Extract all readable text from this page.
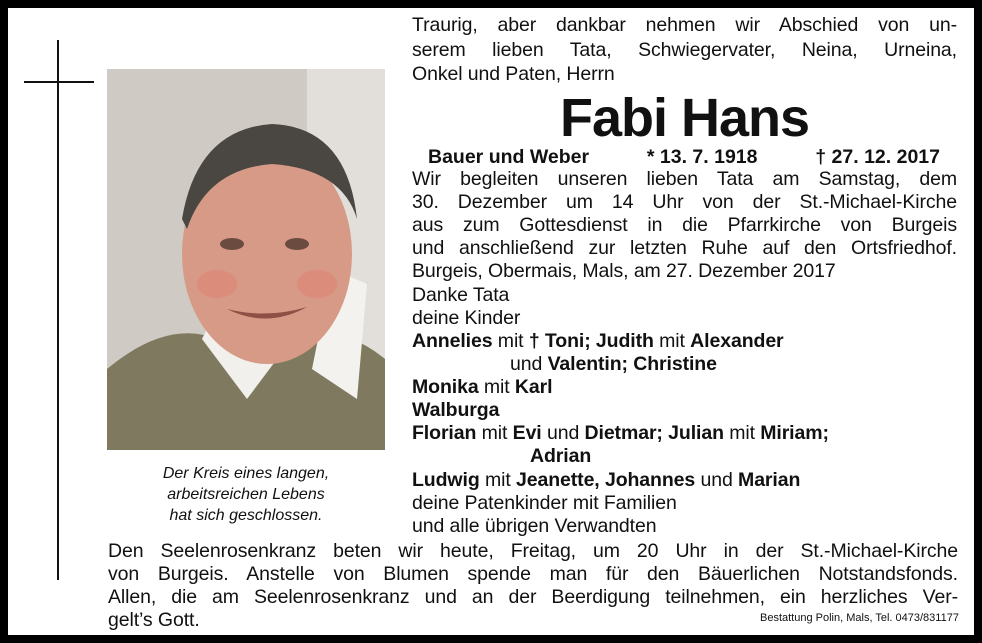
Der Kreis eines langen,
arbeitsreichen Lebens
hat sich geschlossen.
Traurig, aber dankbar nehmen wir Abschied von un-
serem lieben Tata, Schwiegervater, Neina, Urneina,
Onkel und Paten, Herrn
Fabi Hans
Bauer und Weber	* 13. 7. 1918	† 27. 12. 2017
Wir begleiten unseren lieben Tata am Samstag, dem
30. Dezember um 14 Uhr von der St.-Michael-Kirche
aus zum Gottesdienst in die Pfarrkirche von Burgeis
und anschließend zur letzten Ruhe auf den Ortsfriedhof.
Burgeis, Obermais, Mals, am 27. Dezember 2017
Danke Tata
deine Kinder
Annelies mit † Toni; Judith mit Alexander
und Valentin; Christine
Monika mit Karl
Walburga
Florian mit Evi und Dietmar; Julian mit Miriam;
Adrian
Ludwig mit Jeanette, Johannes und Marian
deine Patenkinder mit Familien
und alle übrigen Verwandten
Den Seelenrosenkranz beten wir heute, Freitag, um 20 Uhr in der St.-Michael-Kirche
von Burgeis. Anstelle von Blumen spende man für den Bäuerlichen Notstandsfonds.
Allen, die am Seelenrosenkranz und an der Beerdigung teilnehmen, ein herzliches Ver-
gelt’s Gott.	Bestattung Polin, Mals, Tel. 0473/831177
